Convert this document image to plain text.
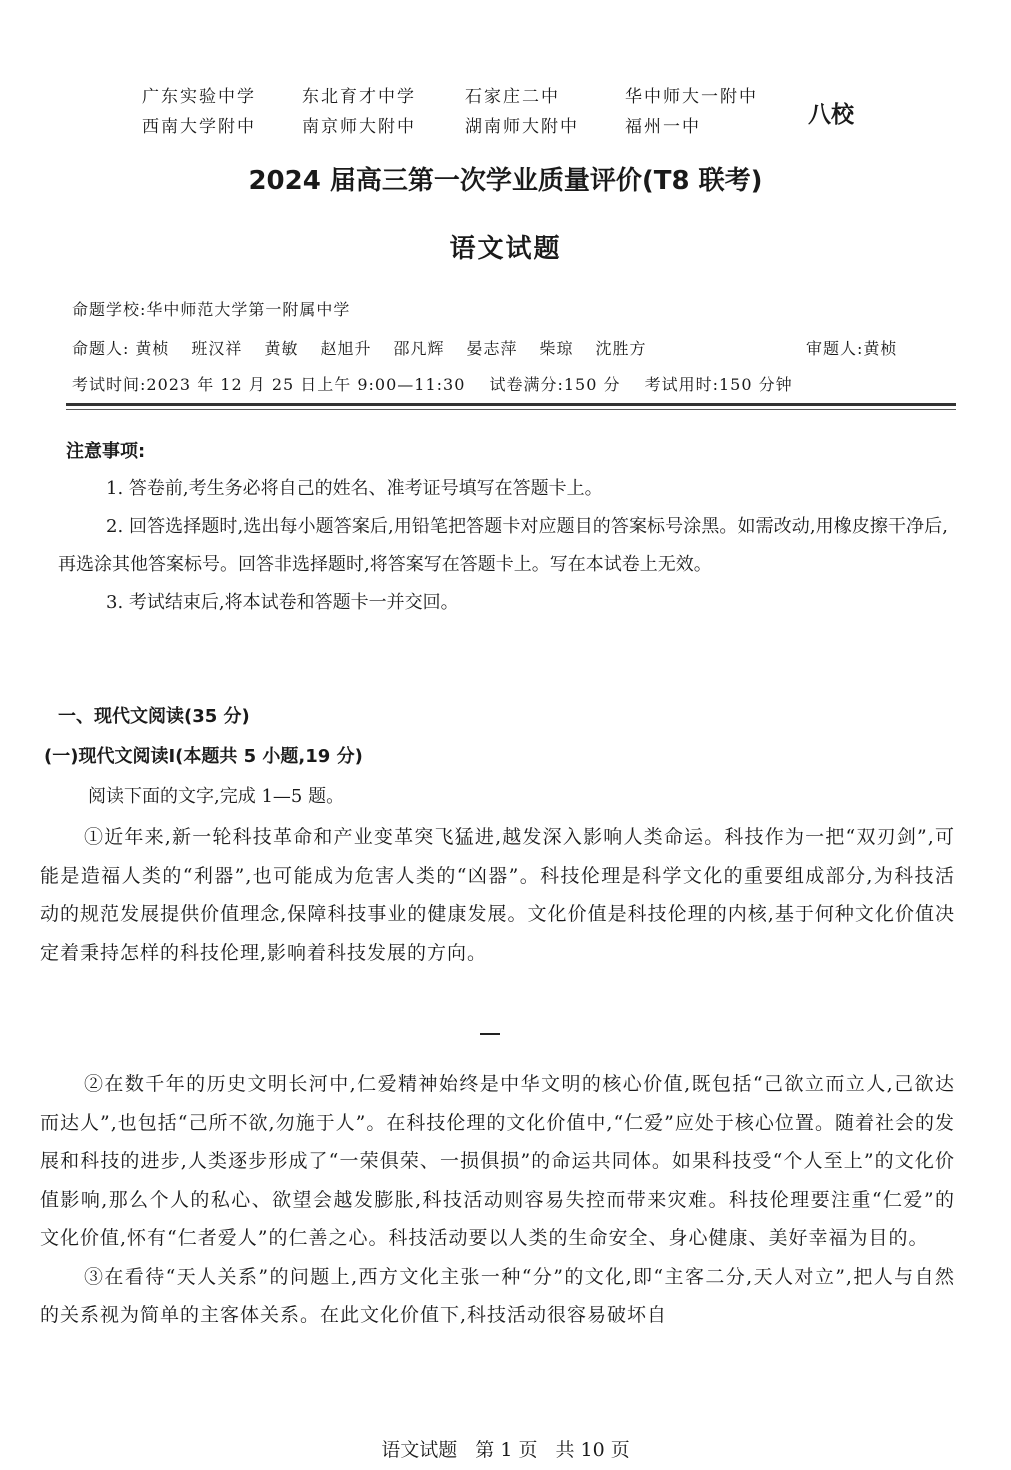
广东实验中学	东北育才中学	石家庄二中	华中师大一附中
西南大学附中	南京师大附中	湖南师大附中	福州一中	八校
2024 届高三第一次学业质量评价(T8 联考)
语文试题
命题学校:华中师范大学第一附属中学
命题人: 黄桢 班汉祥 黄敏 赵旭升 邵凡辉 晏志萍 柴琼 沈胜方	审题人:黄桢
考试时间:2023 年 12 月 25 日上午 9:00—11:30 试卷满分:150 分 考试用时:150 分钟
注意事项:

1. 答卷前,考生务必将自己的姓名、准考证号填写在答题卡上。

2. 回答选择题时,选出每小题答案后,用铅笔把答题卡对应题目的答案标号涂黑。如需改动,用橡皮擦干净后,再选涂其他答案标号。回答非选择题时,将答案写在答题卡上。写在本试卷上无效。

3. 考试结束后,将本试卷和答题卡一并交回。

一、现代文阅读(35 分)
(一)现代文阅读Ⅰ(本题共 5 小题,19 分)
阅读下面的文字,完成 1—5 题。

①近年来,新一轮科技革命和产业变革突飞猛进,越发深入影响人类命运。科技作为一把“双刃剑”,可能是造福人类的“利器”,也可能成为危害人类的“凶器”。科技伦理是科学文化的重要组成部分,为科技活动的规范发展提供价值理念,保障科技事业的健康发展。文化价值是科技伦理的内核,基于何种文化价值决定着秉持怎样的科技伦理,影响着科技发展的方向。

②在数千年的历史文明长河中,仁爱精神始终是中华文明的核心价值,既包括“己欲立而立人,己欲达而达人”,也包括“己所不欲,勿施于人”。在科技伦理的文化价值中,“仁爱”应处于核心位置。随着社会的发展和科技的进步,人类逐步形成了“一荣俱荣、一损俱损”的命运共同体。如果科技受“个人至上”的文化价值影响,那么个人的私心、欲望会越发膨胀,科技活动则容易失控而带来灾难。科技伦理要注重“仁爱”的文化价值,怀有“仁者爱人”的仁善之心。科技活动要以人类的生命安全、身心健康、美好幸福为目的。

③在看待“天人关系”的问题上,西方文化主张一种“分”的文化,即“主客二分,天人对立”,把人与自然的关系视为简单的主客体关系。在此文化价值下,科技活动很容易破坏自

语文试题 第 1 页 共 10 页
